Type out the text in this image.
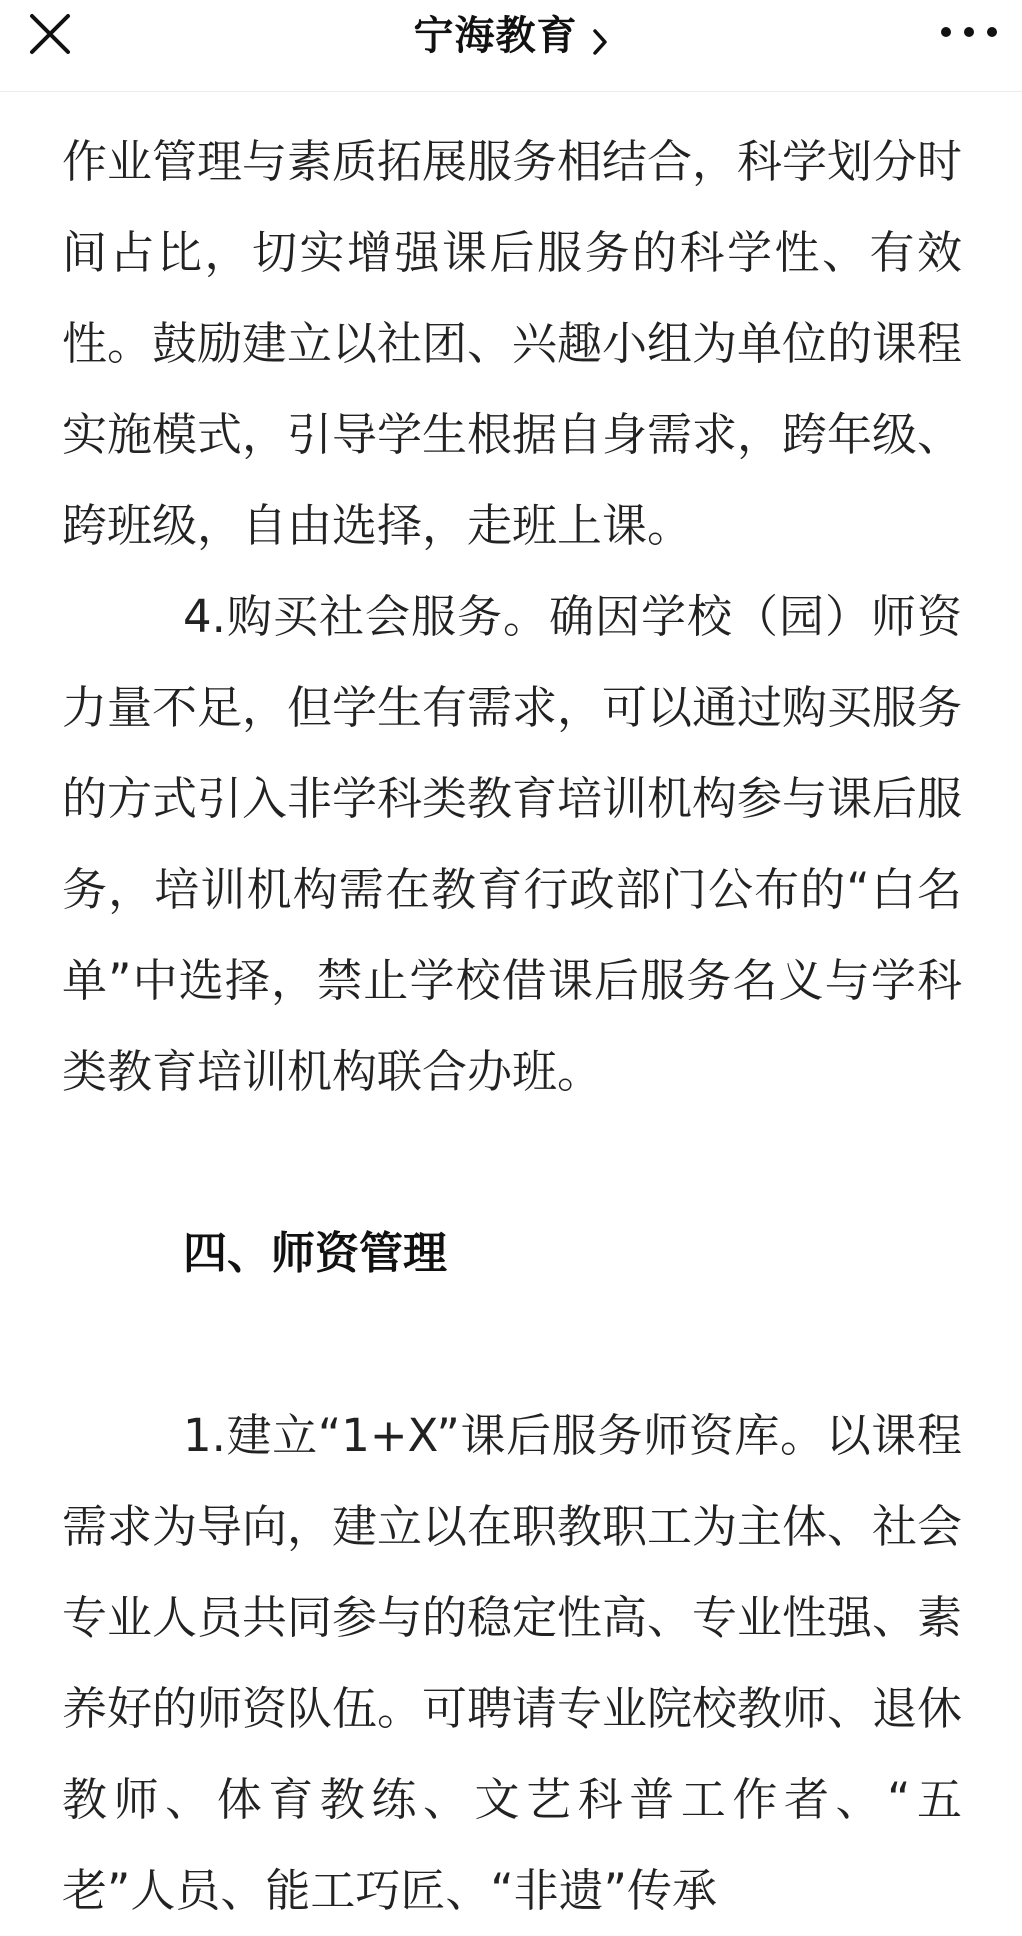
宁海教育

作业管理与素质拓展服务相结合，科学划分时间占比，切实增强课后服务的科学性、有效性。鼓励建立以社团、兴趣小组为单位的课程实施模式，引导学生根据自身需求，跨年级、跨班级，自由选择，走班上课。

4.购买社会服务。确因学校（园）师资力量不足，但学生有需求，可以通过购买服务的方式引入非学科类教育培训机构参与课后服务，培训机构需在教育行政部门公布的“白名单”中选择，禁止学校借课后服务名义与学科类教育培训机构联合办班。

四、师资管理

1.建立“1+X”课后服务师资库。以课程需求为导向，建立以在职教职工为主体、社会专业人员共同参与的稳定性高、专业性强、素养好的师资队伍。可聘请专业院校教师、退休教师、体育教练、文艺科普工作者、“五老”人员、能工巧匠、“非遗”传承
